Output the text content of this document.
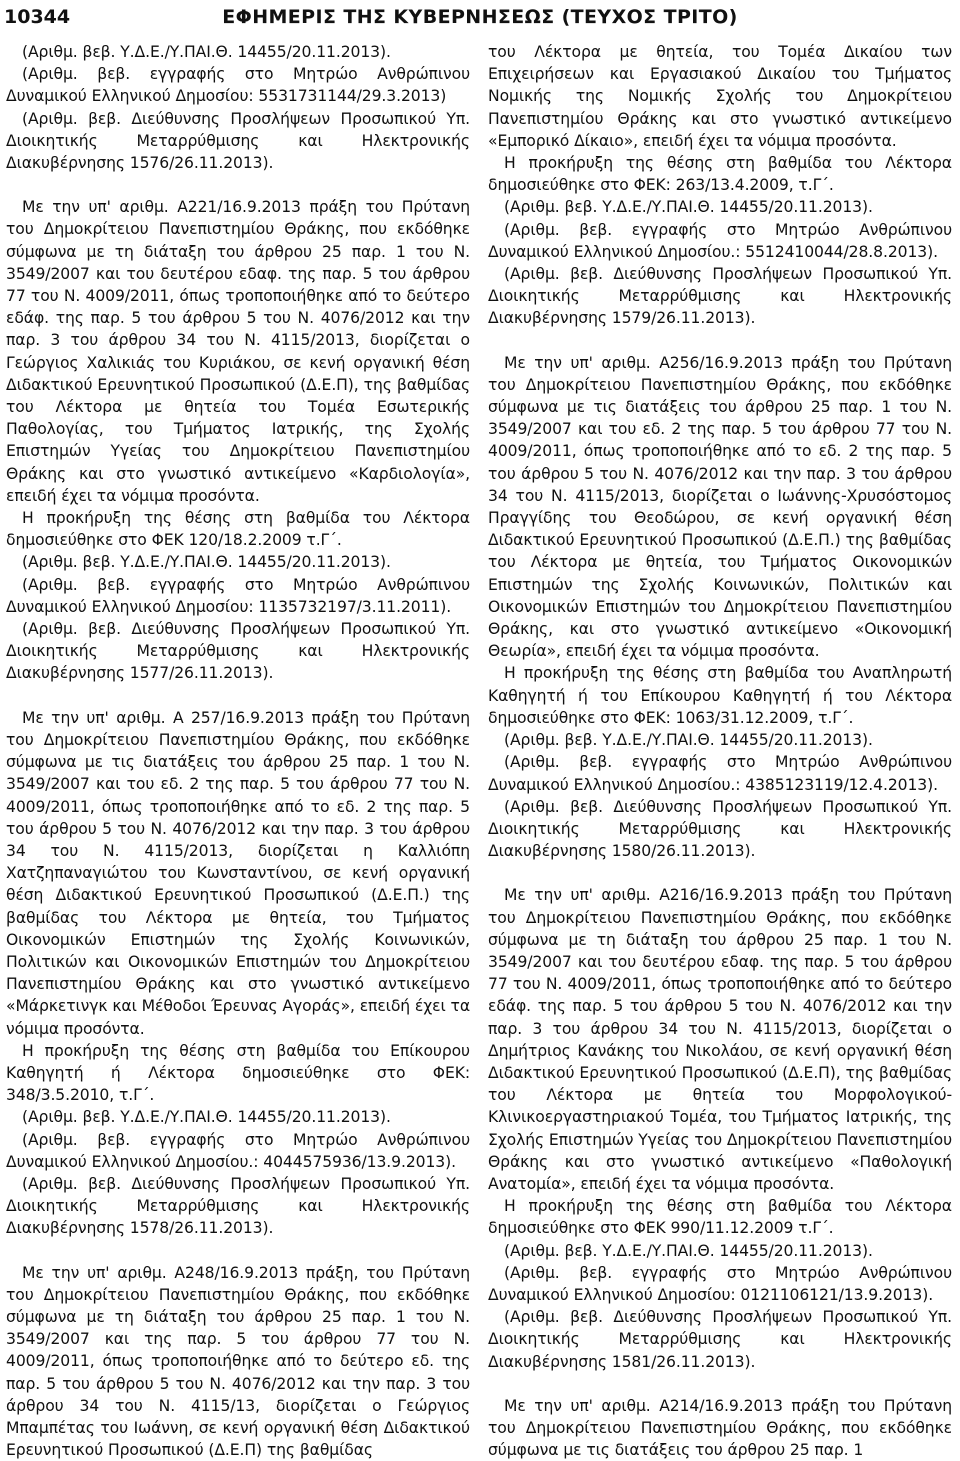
10344	ΕΦΗΜΕΡΙΣ ΤΗΣ ΚΥΒΕΡΝΗΣΕΩΣ (ΤΕΥΧΟΣ ΤΡΙΤΟ)

(Αριθμ. βεβ. Υ.Δ.Ε./Υ.ΠΑΙ.Θ. 14455/20.11.2013).

(Αριθμ. βεβ. εγγραφής στο Μητρώο Ανθρώπινου Δυναμικού Ελληνικού Δημοσίου: 5531731144/29.3.2013)

(Αριθμ. βεβ. Διεύθυνσης Προσλήψεων Προσωπικού Υπ. Διοικητικής Μεταρρύθμισης και Ηλεκτρονικής Διακυβέρνησης 1576/26.11.2013).

Με την υπ' αριθμ. Α221/16.9.2013 πράξη του Πρύτανη του Δημοκρίτειου Πανεπιστημίου Θράκης, που εκδόθηκε σύμφωνα με τη διάταξη του άρθρου 25 παρ. 1 του Ν. 3549/2007 και του δευτέρου εδαφ. της παρ. 5 του άρθρου 77 του Ν. 4009/2011, όπως τροποποιήθηκε από το δεύτερο εδάφ. της παρ. 5 του άρθρου 5 του Ν. 4076/2012 και την παρ. 3 του άρθρου 34 του Ν. 4115/2013, διορίζεται ο Γεώργιος Χαλικιάς του Κυριάκου, σε κενή οργανική θέση Διδακτικού Ερευνητικού Προσωπικού (Δ.Ε.Π), της βαθμίδας του Λέκτορα με θητεία του Τομέα Εσωτερικής Παθολογίας, του Τμήματος Ιατρικής, της Σχολής Επιστημών Υγείας του Δημοκρίτειου Πανεπιστημίου Θράκης και στο γνωστικό αντικείμενο «Καρδιολογία», επειδή έχει τα νόμιμα προσόντα.

Η προκήρυξη της θέσης στη βαθμίδα του Λέκτορα δημοσιεύθηκε στο ΦΕΚ 120/18.2.2009 τ.Γ΄.

(Αριθμ. βεβ. Υ.Δ.Ε./Υ.ΠΑΙ.Θ. 14455/20.11.2013).

(Αριθμ. βεβ. εγγραφής στο Μητρώο Ανθρώπινου Δυναμικού Ελληνικού Δημοσίου: 1135732197/3.11.2011).

(Αριθμ. βεβ. Διεύθυνσης Προσλήψεων Προσωπικού Υπ. Διοικητικής Μεταρρύθμισης και Ηλεκτρονικής Διακυβέρνησης 1577/26.11.2013).

Με την υπ' αριθμ. Α 257/16.9.2013 πράξη του Πρύτανη του Δημοκρίτειου Πανεπιστημίου Θράκης, που εκδόθηκε σύμφωνα με τις διατάξεις του άρθρου 25 παρ. 1 του Ν. 3549/2007 και του εδ. 2 της παρ. 5 του άρθρου 77 του Ν. 4009/2011, όπως τροποποιήθηκε από το εδ. 2 της παρ. 5 του άρθρου 5 του Ν. 4076/2012 και την παρ. 3 του άρθρου 34 του Ν. 4115/2013, διορίζεται η Καλλιόπη Χατζηπαναγιώτου του Κωνσταντίνου, σε κενή οργανική θέση Διδακτικού Ερευνητικού Προσωπικού (Δ.Ε.Π.) της βαθμίδας του Λέκτορα με θητεία, του Τμήματος Οικονομικών Επιστημών της Σχολής Κοινωνικών, Πολιτικών και Οικονομικών Επιστημών του Δημοκρίτειου Πανεπιστημίου Θράκης και στο γνωστικό αντικείμενο «Μάρκετινγκ και Μέθοδοι Έρευνας Αγοράς», επειδή έχει τα νόμιμα προσόντα.

Η προκήρυξη της θέσης στη βαθμίδα του Επίκουρου Καθηγητή ή Λέκτορα δημοσιεύθηκε στο ΦΕΚ: 348/3.5.2010, τ.Γ΄.

(Αριθμ. βεβ. Υ.Δ.Ε./Υ.ΠΑΙ.Θ. 14455/20.11.2013).

(Αριθμ. βεβ. εγγραφής στο Μητρώο Ανθρώπινου Δυναμικού Ελληνικού Δημοσίου.: 4044575936/13.9.2013).

(Αριθμ. βεβ. Διεύθυνσης Προσλήψεων Προσωπικού Υπ. Διοικητικής Μεταρρύθμισης και Ηλεκτρονικής Διακυβέρνησης 1578/26.11.2013).

Με την υπ' αριθμ. Α248/16.9.2013 πράξη, του Πρύτανη του Δημοκρίτειου Πανεπιστημίου Θράκης, που εκδόθηκε σύμφωνα με τη διάταξη του άρθρου 25 παρ. 1 του Ν. 3549/2007 και της παρ. 5 του άρθρου 77 του Ν. 4009/2011, όπως τροποποιήθηκε από το δεύτερο εδ. της παρ. 5 του άρθρου 5 του Ν. 4076/2012 και την παρ. 3 του άρθρου 34 του Ν. 4115/13, διορίζεται ο Γεώργιος Μπαμπέτας του Ιωάννη, σε κενή οργανική θέση Διδακτικού Ερευνητικού Προσωπικού (Δ.Ε.Π) της βαθμίδας

του Λέκτορα με θητεία, του Τομέα Δικαίου των Επιχειρήσεων και Εργασιακού Δικαίου του Τμήματος Νομικής της Νομικής Σχολής του Δημοκρίτειου Πανεπιστημίου Θράκης και στο γνωστικό αντικείμενο «Εμπορικό Δίκαιο», επειδή έχει τα νόμιμα προσόντα.

Η προκήρυξη της θέσης στη βαθμίδα του Λέκτορα δημοσιεύθηκε στο ΦΕΚ: 263/13.4.2009, τ.Γ΄.

(Αριθμ. βεβ. Υ.Δ.Ε./Υ.ΠΑΙ.Θ. 14455/20.11.2013).

(Αριθμ. βεβ. εγγραφής στο Μητρώο Ανθρώπινου Δυναμικού Ελληνικού Δημοσίου.: 5512410044/28.8.2013).

(Αριθμ. βεβ. Διεύθυνσης Προσλήψεων Προσωπικού Υπ. Διοικητικής Μεταρρύθμισης και Ηλεκτρονικής Διακυβέρνησης 1579/26.11.2013).

Με την υπ' αριθμ. Α256/16.9.2013 πράξη του Πρύτανη του Δημοκρίτειου Πανεπιστημίου Θράκης, που εκδόθηκε σύμφωνα με τις διατάξεις του άρθρου 25 παρ. 1 του Ν. 3549/2007 και του εδ. 2 της παρ. 5 του άρθρου 77 του Ν. 4009/2011, όπως τροποποιήθηκε από το εδ. 2 της παρ. 5 του άρθρου 5 του Ν. 4076/2012 και την παρ. 3 του άρθρου 34 του Ν. 4115/2013, διορίζεται ο Ιωάννης-Χρυσόστομος Πραγγίδης του Θεοδώρου, σε κενή οργανική θέση Διδακτικού Ερευνητικού Προσωπικού (Δ.Ε.Π.) της βαθμίδας του Λέκτορα με θητεία, του Τμήματος Οικονομικών Επιστημών της Σχολής Κοινωνικών, Πολιτικών και Οικονομικών Επιστημών του Δημοκρίτειου Πανεπιστημίου Θράκης, και στο γνωστικό αντικείμενο «Οικονομική Θεωρία», επειδή έχει τα νόμιμα προσόντα.

Η προκήρυξη της θέσης στη βαθμίδα του Αναπληρωτή Καθηγητή ή του Επίκουρου Καθηγητή ή του Λέκτορα δημοσιεύθηκε στο ΦΕΚ: 1063/31.12.2009, τ.Γ΄.

(Αριθμ. βεβ. Υ.Δ.Ε./Υ.ΠΑΙ.Θ. 14455/20.11.2013).

(Αριθμ. βεβ. εγγραφής στο Μητρώο Ανθρώπινου Δυναμικού Ελληνικού Δημοσίου.: 4385123119/12.4.2013).

(Αριθμ. βεβ. Διεύθυνσης Προσλήψεων Προσωπικού Υπ. Διοικητικής Μεταρρύθμισης και Ηλεκτρονικής Διακυβέρνησης 1580/26.11.2013).

Με την υπ' αριθμ. Α216/16.9.2013 πράξη του Πρύτανη του Δημοκρίτειου Πανεπιστημίου Θράκης, που εκδόθηκε σύμφωνα με τη διάταξη του άρθρου 25 παρ. 1 του Ν. 3549/2007 και του δευτέρου εδαφ. της παρ. 5 του άρθρου 77 του Ν. 4009/2011, όπως τροποποιήθηκε από το δεύτερο εδάφ. της παρ. 5 του άρθρου 5 του Ν. 4076/2012 και την παρ. 3 του άρθρου 34 του Ν. 4115/2013, διορίζεται ο Δημήτριος Κανάκης του Νικολάου, σε κενή οργανική θέση Διδακτικού Ερευνητικού Προσωπικού (Δ.Ε.Π), της βαθμίδας του Λέκτορα με θητεία του Μορφολογικού-Κλινικοεργαστηριακού Τομέα, του Τμήματος Ιατρικής, της Σχολής Επιστημών Υγείας του Δημοκρίτειου Πανεπιστημίου Θράκης και στο γνωστικό αντικείμενο «Παθολογική Ανατομία», επειδή έχει τα νόμιμα προσόντα.

Η προκήρυξη της θέσης στη βαθμίδα του Λέκτορα δημοσιεύθηκε στο ΦΕΚ 990/11.12.2009 τ.Γ΄.

(Αριθμ. βεβ. Υ.Δ.Ε./Υ.ΠΑΙ.Θ. 14455/20.11.2013).

(Αριθμ. βεβ. εγγραφής στο Μητρώο Ανθρώπινου Δυναμικού Ελληνικού Δημοσίου: 0121106121/13.9.2013).

(Αριθμ. βεβ. Διεύθυνσης Προσλήψεων Προσωπικού Υπ. Διοικητικής Μεταρρύθμισης και Ηλεκτρονικής Διακυβέρνησης 1581/26.11.2013).

Με την υπ' αριθμ. Α214/16.9.2013 πράξη του Πρύτανη του Δημοκρίτειου Πανεπιστημίου Θράκης, που εκδόθηκε σύμφωνα με τις διατάξεις του άρθρου 25 παρ. 1
